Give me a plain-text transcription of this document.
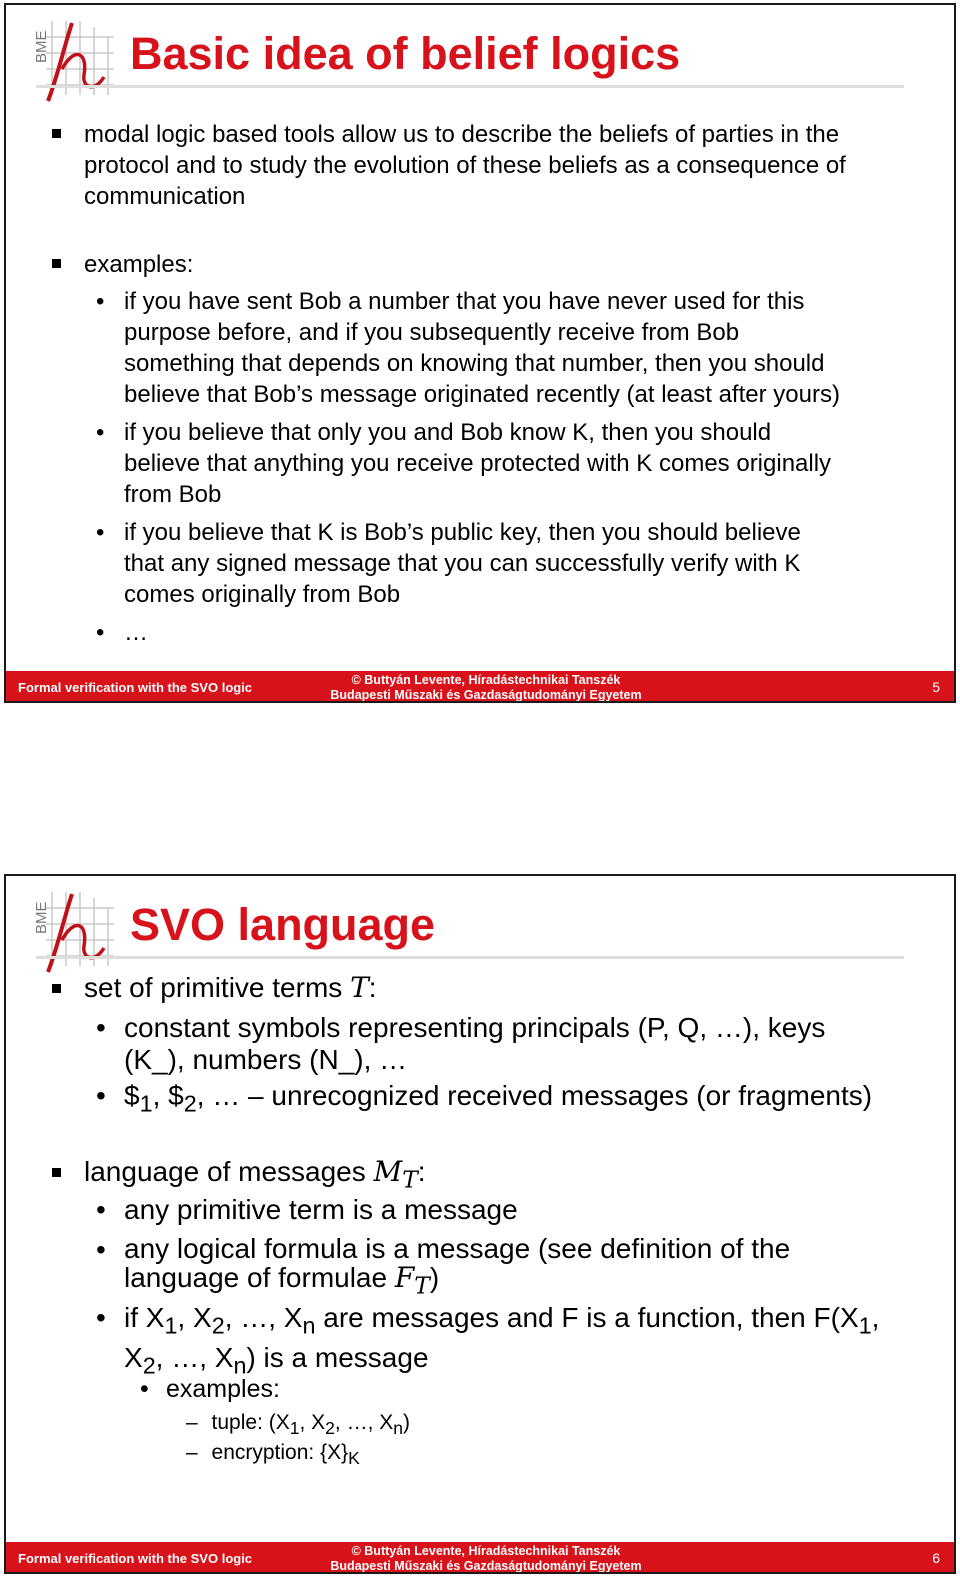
BME Basic idea of belief logics
modal logic based tools allow us to describe the beliefs of parties in the
protocol and to study the evolution of these beliefs as a consequence of
communication
examples:
• if you have sent Bob a number that you have never used for this
purpose before, and if you subsequently receive from Bob
something that depends on knowing that number, then you should
believe that Bob’s message originated recently (at least after yours)
• if you believe that only you and Bob know K, then you should
believe that anything you receive protected with K comes originally
from Bob
• if you believe that K is Bob’s public key, then you should believe
that any signed message that you can successfully verify with K
comes originally from Bob
• …
Formal verification with the SVO logic	© Buttyán Levente, Híradástechnikai Tanszék
Budapesti Műszaki és Gazdaságtudományi Egyetem	5
BME SVO language
set of primitive terms T:
• constant symbols representing principals (P, Q, …), keys
(K_), numbers (N_), …
• $\$_1$, $\$_2$, … – unrecognized received messages (or fragments)
language of messages $M_T$:
• any primitive term is a message
• any logical formula is a message (see definition of the
language of formulae $F_T$)
• if $X_1$, $X_2$, …, $X_n$ are messages and F is a function, then $F(X_1$,
$X_2$, …, $X_n$) is a message
• examples:
– tuple: ($X_1$, $X_2$, …, $X_n$)
– encryption: $\{X\}_K$
Formal verification with the SVO logic	© Buttyán Levente, Híradástechnikai Tanszék
Budapesti Műszaki és Gazdaságtudományi Egyetem	6
